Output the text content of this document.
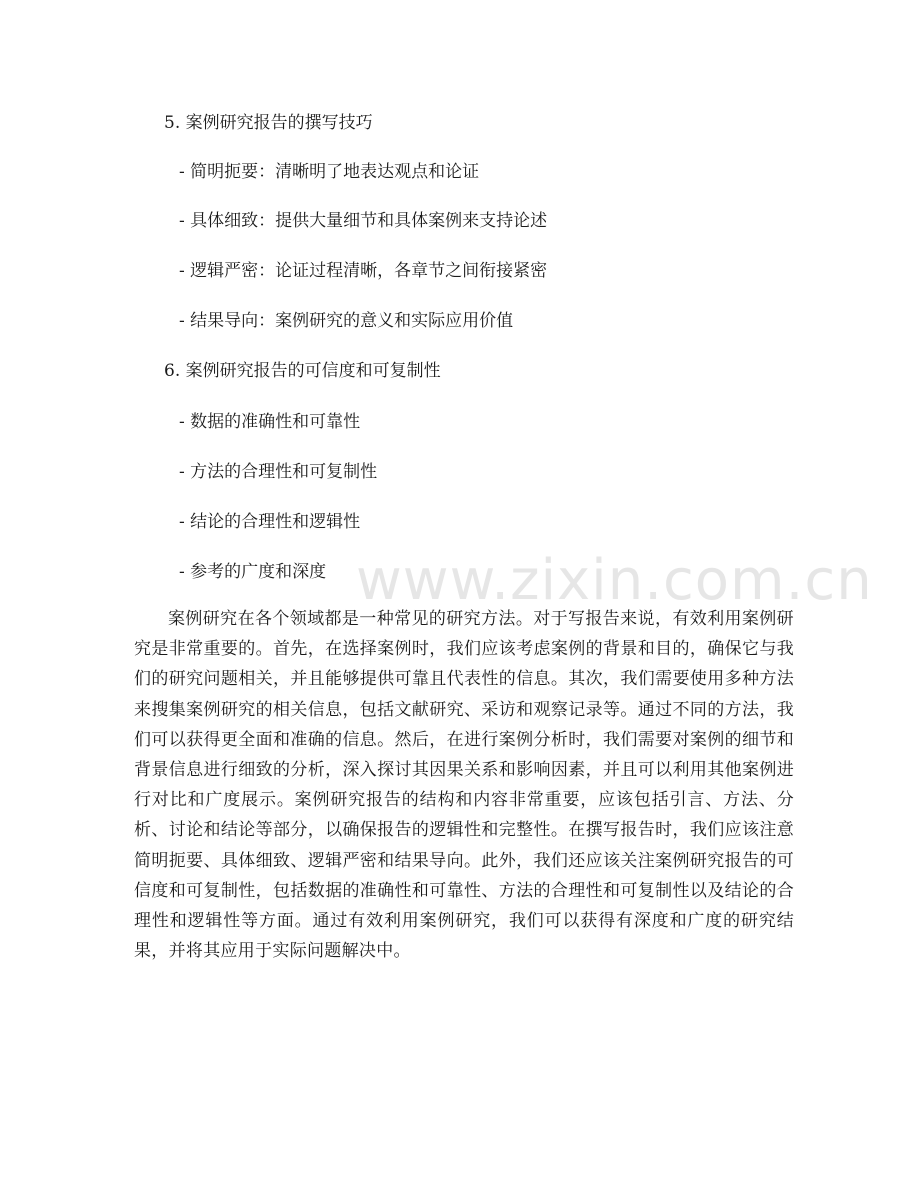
www.zixin.com.cn
5. 案例研究报告的撰写技巧
- 简明扼要：清晰明了地表达观点和论证
- 具体细致：提供大量细节和具体案例来支持论述
- 逻辑严密：论证过程清晰，各章节之间衔接紧密
- 结果导向：案例研究的意义和实际应用价值
6. 案例研究报告的可信度和可复制性
- 数据的准确性和可靠性
- 方法的合理性和可复制性
- 结论的合理性和逻辑性
- 参考的广度和深度

案例研究在各个领域都是一种常见的研究方法。对于写报告来说，有效利用案例研究是非常重要的。首先，在选择案例时，我们应该考虑案例的背景和目的，确保它与我们的研究问题相关，并且能够提供可靠且代表性的信息。其次，我们需要使用多种方法来搜集案例研究的相关信息，包括文献研究、采访和观察记录等。通过不同的方法，我们可以获得更全面和准确的信息。然后，在进行案例分析时，我们需要对案例的细节和背景信息进行细致的分析，深入探讨其因果关系和影响因素，并且可以利用其他案例进行对比和广度展示。案例研究报告的结构和内容非常重要，应该包括引言、方法、分析、讨论和结论等部分，以确保报告的逻辑性和完整性。在撰写报告时，我们应该注意简明扼要、具体细致、逻辑严密和结果导向。此外，我们还应该关注案例研究报告的可信度和可复制性，包括数据的准确性和可靠性、方法的合理性和可复制性以及结论的合理性和逻辑性等方面。通过有效利用案例研究，我们可以获得有深度和广度的研究结果，并将其应用于实际问题解决中。
